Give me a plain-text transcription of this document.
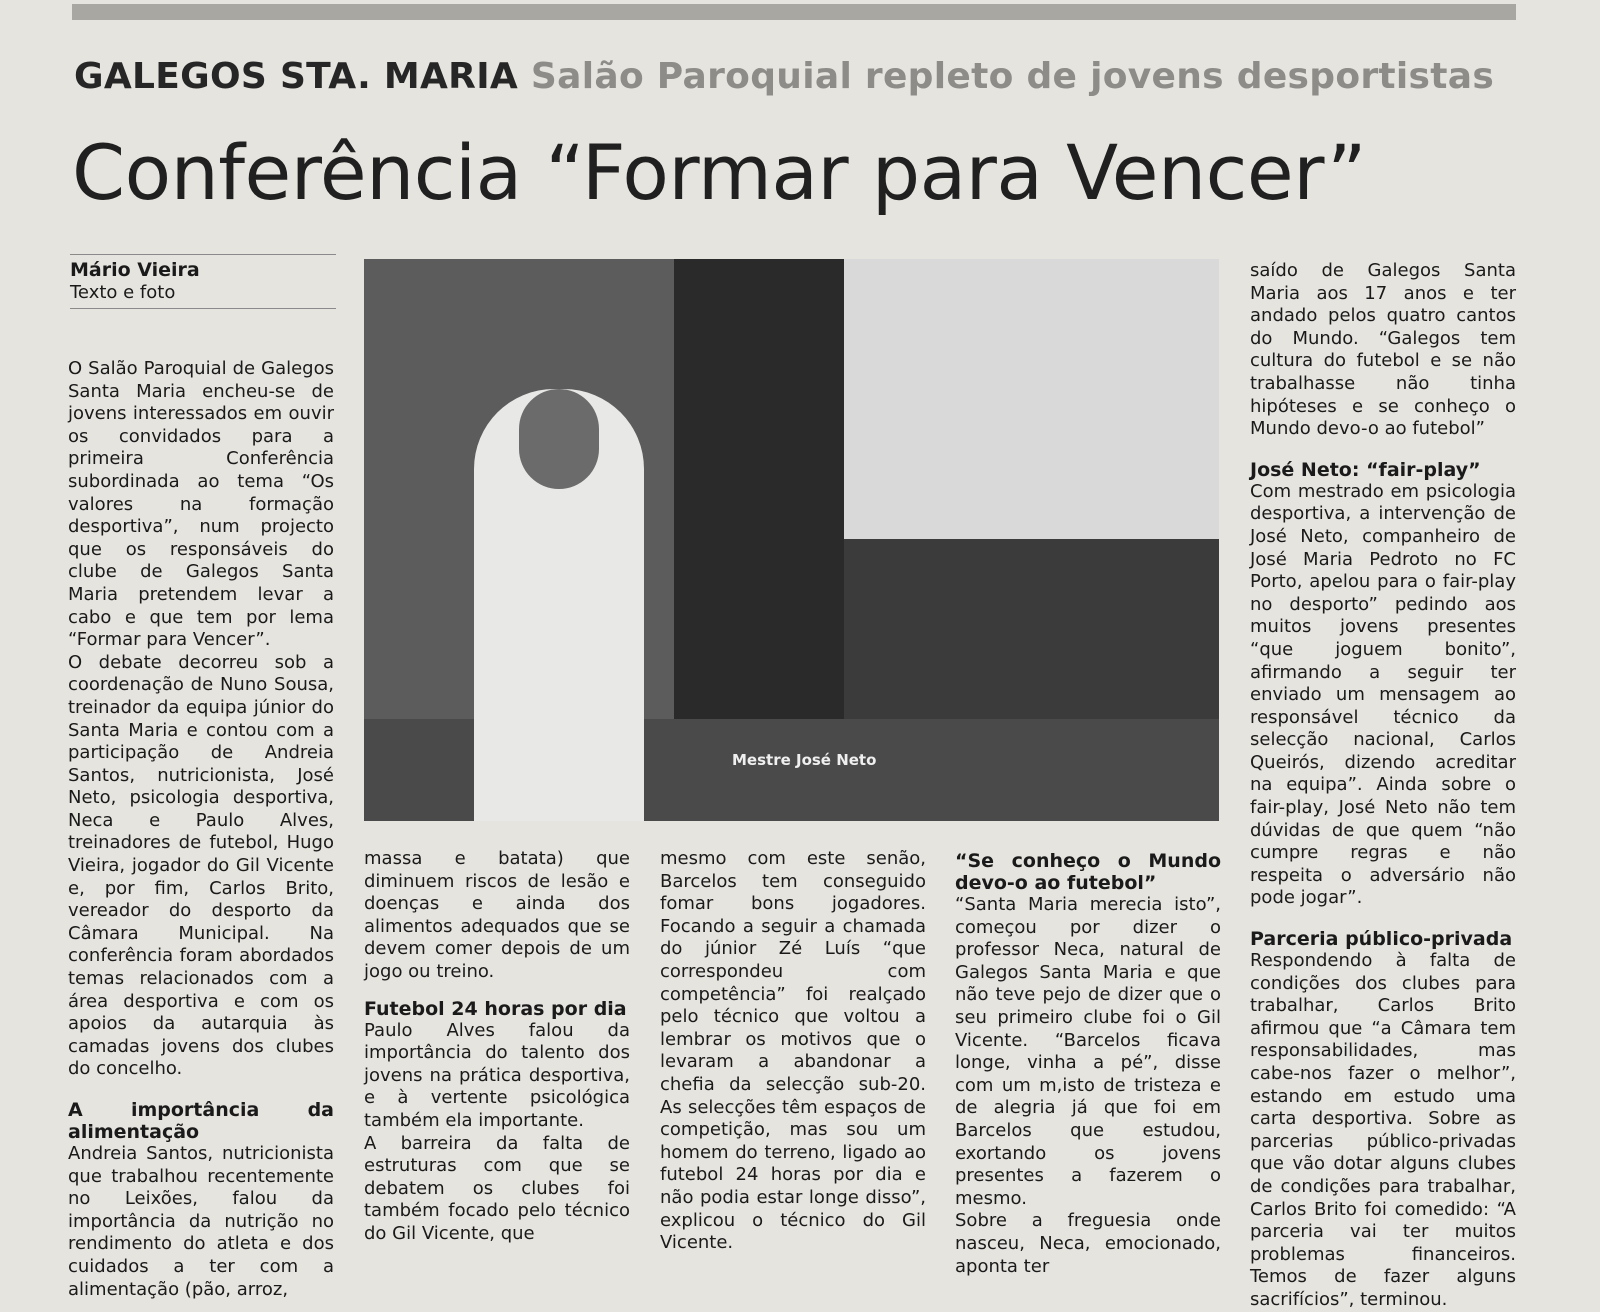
GALEGOS STA. MARIA Salão Paroquial repleto de jovens desportistas
Conferência “Formar para Vencer”
Mário Vieira
Texto e foto
Mestre José Neto

O Salão Paroquial de Galegos Santa Maria encheu-se de jovens interessados em ouvir os convidados para a primeira Conferência subordinada ao tema “Os valores na formação desportiva”, num projecto que os responsáveis do clube de Galegos Santa Maria pretendem levar a cabo e que tem por lema “Formar para Vencer”.

O debate decorreu sob a coordenação de Nuno Sousa, treinador da equipa júnior do Santa Maria e contou com a participação de Andreia Santos, nutricionista, José Neto, psicologia desportiva, Neca e Paulo Alves, treinadores de futebol, Hugo Vieira, jogador do Gil Vicente e, por fim, Carlos Brito, vereador do desporto da Câmara Municipal. Na conferência foram abordados temas relacionados com a área desportiva e com os apoios da autarquia às camadas jovens dos clubes do concelho.

A importância da alimentação

Andreia Santos, nutricionista que trabalhou recentemente no Leixões, falou da importância da nutrição no rendimento do atleta e dos cuidados a ter com a alimentação (pão, arroz,

massa e batata) que diminuem riscos de lesão e doenças e ainda dos alimentos adequados que se devem comer depois de um jogo ou treino.

Futebol 24 horas por dia

Paulo Alves falou da importância do talento dos jovens na prática desportiva, e à vertente psicológica também ela importante.

A barreira da falta de estruturas com que se debatem os clubes foi também focado pelo técnico do Gil Vicente, que

mesmo com este senão, Barcelos tem conseguido fomar bons jogadores. Focando a seguir a chamada do júnior Zé Luís “que correspondeu com competência” foi realçado pelo técnico que voltou a lembrar os motivos que o levaram a abandonar a chefia da selecção sub-20. As selecções têm espaços de competição, mas sou um homem do terreno, ligado ao futebol 24 horas por dia e não podia estar longe disso”, explicou o técnico do Gil Vicente.

“Se conheço o Mundo devo-o ao futebol”

“Santa Maria merecia isto”, começou por dizer o professor Neca, natural de Galegos Santa Maria e que não teve pejo de dizer que o seu primeiro clube foi o Gil Vicente. “Barcelos ficava longe, vinha a pé”, disse com um m,isto de tristeza e de alegria já que foi em Barcelos que estudou, exortando os jovens presentes a fazerem o mesmo.

Sobre a freguesia onde nasceu, Neca, emocionado, aponta ter

saído de Galegos Santa Maria aos 17 anos e ter andado pelos quatro cantos do Mundo. “Galegos tem cultura do futebol e se não trabalhasse não tinha hipóteses e se conheço o Mundo devo-o ao futebol”

José Neto: “fair-play”

Com mestrado em psicologia desportiva, a intervenção de José Neto, companheiro de José Maria Pedroto no FC Porto, apelou para o fair-play no desporto” pedindo aos muitos jovens presentes “que joguem bonito”, afirmando a seguir ter enviado um mensagem ao responsável técnico da selecção nacional, Carlos Queirós, dizendo acreditar na equipa”. Ainda sobre o fair-play, José Neto não tem dúvidas de que quem “não cumpre regras e não respeita o adversário não pode jogar”.

Parceria público-privada

Respondendo à falta de condições dos clubes para trabalhar, Carlos Brito afirmou que “a Câmara tem responsabilidades, mas cabe-nos fazer o melhor”, estando em estudo uma carta desportiva. Sobre as parcerias público-privadas que vão dotar alguns clubes de condições para trabalhar, Carlos Brito foi comedido: “A parceria vai ter muitos problemas financeiros. Temos de fazer alguns sacrifícios”, terminou.
